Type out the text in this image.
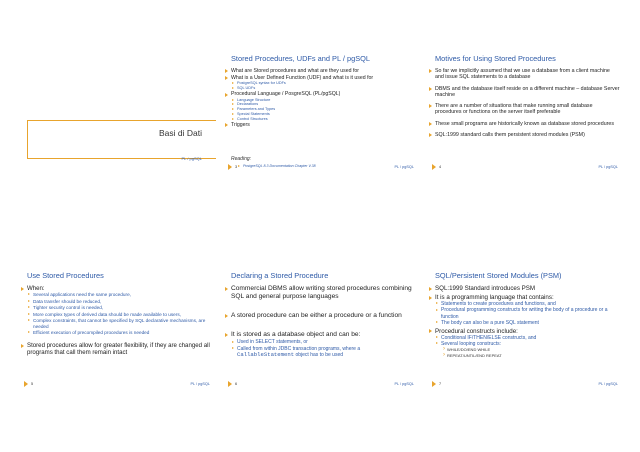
Basi di Dati
PL / pgSQL
Stored Procedures, UDFs and PL / pgSQL
What are Stored procedures and what are they used for
What is a User Defined Function (UDF) and what is it used for
PostgreSQL syntax for UDFs
SQL UDFs
Procedural Language / PosgreSQL (PL/pgSQL)
Language Structure
Declarations
Parameters and Types
Special Statements
Control Structures
Triggers
Reading:
PostgreSQL 8.3 Documentation Chapter V.38
3	PL / pgSQL
Motives for Using Stored Procedures
So far we implicitly assumed that we use a database from a client machine and issue SQL statements to a database
DBMS and the database itself reside on a different machine – database Server machine
There are a number of situations that make running small database procedures or functions on the server itself preferable
These small programs are historically known as database stored procedures
SQL:1999 standard calls them persistent stored modules (PSM)
4	PL / pgSQL
Use Stored Procedures
When:
Several applications need the same procedure,
Data transfer should be reduced,
Tighter security control is needed,
More complex types of derived data should be made available to users,
Complex constraints, that cannot be specified by SQL declarative mechanisms, are needed
Efficient execution of precompiled procedures is needed
Stored procedures allow for greater flexibility, if they are changed all programs that call them remain intact
5	PL / pgSQL
Declaring a Stored Procedure
Commercial DBMS allow writing stored procedures combining SQL and general purpose languages
A stored procedure can be either a procedure or a function
It is stored as a database object and can be:
Used in SELECT statements, or
Called from within JDBC transaction programs, where a CallableStatement object has to be used
6	PL / pgSQL
SQL/Persistent Stored Modules (PSM)
SQL:1999 Standard introduces PSM
It is a programming language that contains:
Statements to create procedures and functions, and
Procedural programming constructs for writing the body of a procedure or a function
The body can also be a pure SQL statement
Procedural constructs include:
Conditional IF/THEN/ELSE constructs, and
Several looping constructs:
› WHILE/DO/END WHILE
› REPEAT/UNTIL/END REPEAT
7	PL / pgSQL
